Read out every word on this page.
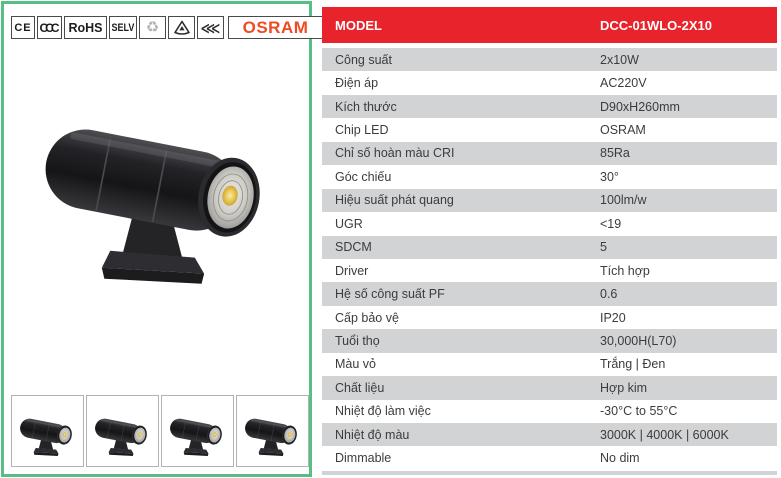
CE CCC RoHS SELV ♻	⋘ OSRAM	MODEL	DCC-01WLO-2X10
Công suất	2x10W
Điện áp	AC220V
Kích thước	D90xH260mm
Chip LED	OSRAM
Chỉ số hoàn màu CRI	85Ra
Góc chiếu	30°
Hiệu suất phát quang	100lm/w
UGR	<19
SDCM	5
Driver	Tích hợp
Hệ số công suất PF	0.6
Cấp bảo vệ	IP20
Tuổi thọ	30,000H(L70)
Màu vỏ	Trắng | Đen
Chất liệu	Hợp kim
Nhiệt độ làm việc	-30°C to 55°C
Nhiệt độ màu	3000K | 4000K | 6000K
Dimmable	No dim
